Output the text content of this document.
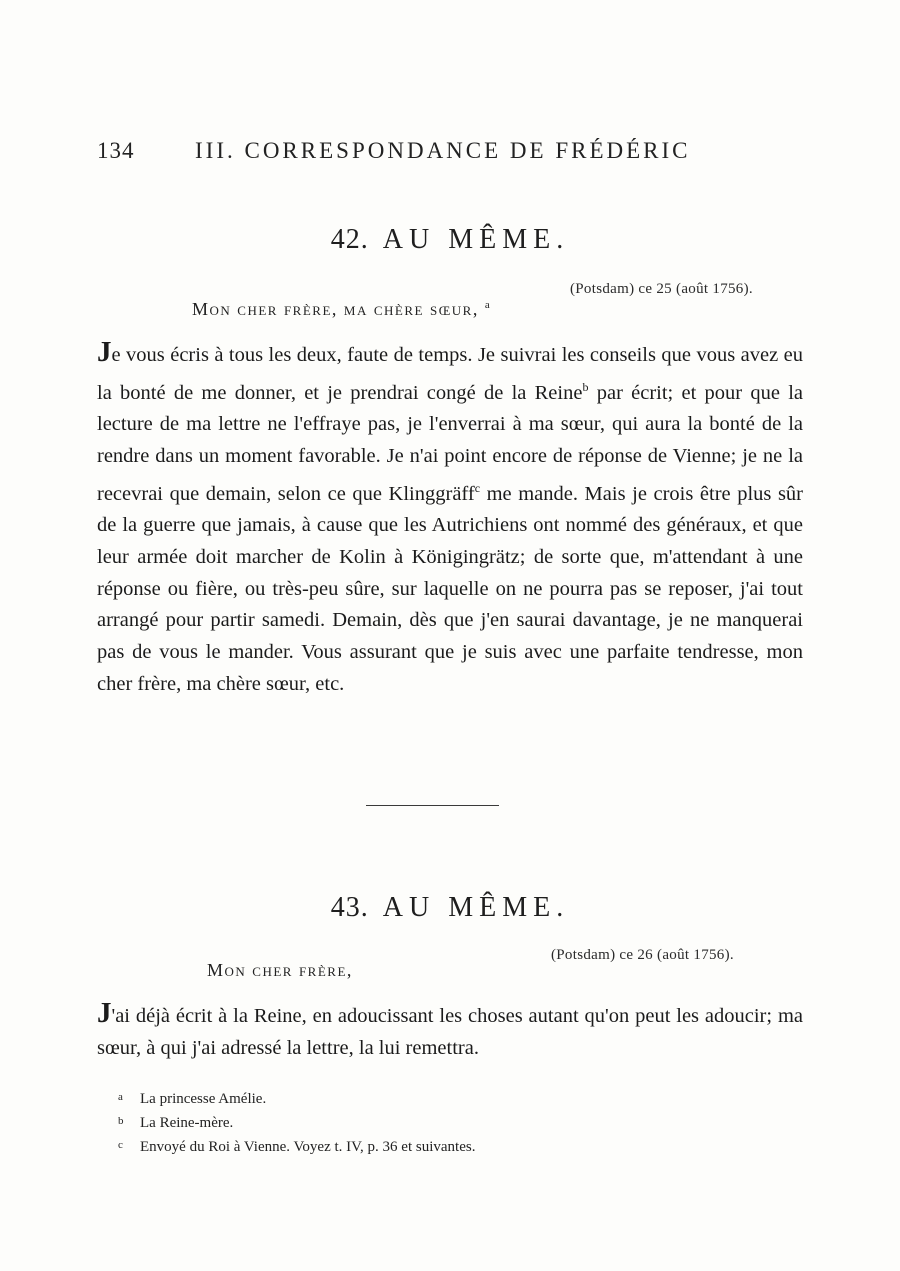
134	III. CORRESPONDANCE DE FRÉDÉRIC
42. AU MÊME.
(Potsdam) ce 25 (août 1756).
Mon cher frère, ma chère sœur, $^a$

Je vous écris à tous les deux, faute de temps. Je suivrai les conseils que vous avez eu la bonté de me donner, et je prendrai congé de la Reine$^b$ par écrit; et pour que la lecture de ma lettre ne l'effraye pas, je l'enverrai à ma sœur, qui aura la bonté de la rendre dans un moment favorable. Je n'ai point encore de réponse de Vienne; je ne la recevrai que demain, selon ce que Klinggräff$^c$ me mande. Mais je crois être plus sûr de la guerre que jamais, à cause que les Autrichiens ont nommé des généraux, et que leur armée doit marcher de Kolin à Königingrätz; de sorte que, m'attendant à une réponse ou fière, ou très-peu sûre, sur laquelle on ne pourra pas se reposer, j'ai tout arrangé pour partir samedi. Demain, dès que j'en saurai davantage, je ne manquerai pas de vous le mander. Vous assurant que je suis avec une parfaite tendresse, mon cher frère, ma chère sœur, etc.

43. AU MÊME.
(Potsdam) ce 26 (août 1756).
Mon cher frère,

J'ai déjà écrit à la Reine, en adoucissant les choses autant qu'on peut les adoucir; ma sœur, à qui j'ai adressé la lettre, la lui remettra.

a La princesse Amélie.
b La Reine-mère.
c Envoyé du Roi à Vienne. Voyez t. IV, p. 36 et suivantes.
